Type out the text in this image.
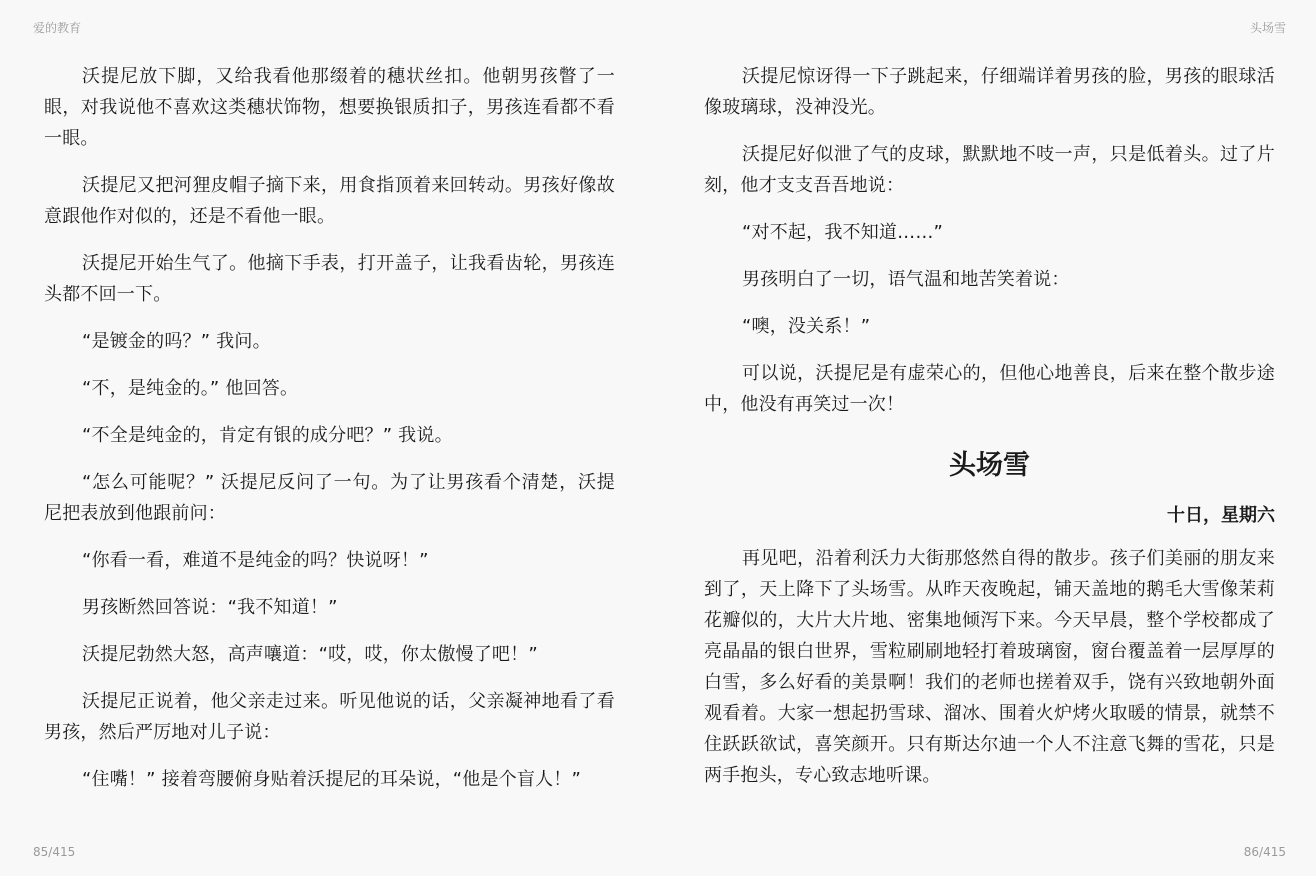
爱的教育	头场雪

沃提尼放下脚，又给我看他那缀着的穗状丝扣。他朝男孩瞥了一眼，对我说他不喜欢这类穗状饰物，想要换银质扣子，男孩连看都不看一眼。

沃提尼又把河狸皮帽子摘下来，用食指顶着来回转动。男孩好像故意跟他作对似的，还是不看他一眼。

沃提尼开始生气了。他摘下手表，打开盖子，让我看齿轮，男孩连头都不回一下。

“是镀金的吗？” 我问。

“不，是纯金的。” 他回答。

“不全是纯金的，肯定有银的成分吧？” 我说。

“怎么可能呢？” 沃提尼反问了一句。为了让男孩看个清楚，沃提尼把表放到他跟前问：

“你看一看，难道不是纯金的吗？快说呀！”

男孩断然回答说：“我不知道！”

沃提尼勃然大怒，高声嚷道：“哎，哎，你太傲慢了吧！”

沃提尼正说着，他父亲走过来。听见他说的话，父亲凝神地看了看男孩，然后严厉地对儿子说：

“住嘴！” 接着弯腰俯身贴着沃提尼的耳朵说，“他是个盲人！”

沃提尼惊讶得一下子跳起来，仔细端详着男孩的脸，男孩的眼球活像玻璃球，没神没光。

沃提尼好似泄了气的皮球，默默地不吱一声，只是低着头。过了片刻，他才支支吾吾地说：

“对不起，我不知道……”

男孩明白了一切，语气温和地苦笑着说：

“噢，没关系！”

可以说，沃提尼是有虚荣心的，但他心地善良，后来在整个散步途中，他没有再笑过一次！

头场雪
十日，星期六

再见吧，沿着利沃力大街那悠然自得的散步。孩子们美丽的朋友来到了，天上降下了头场雪。从昨天夜晚起，铺天盖地的鹅毛大雪像茉莉花瓣似的，大片大片地、密集地倾泻下来。今天早晨，整个学校都成了亮晶晶的银白世界，雪粒刷刷地轻打着玻璃窗，窗台覆盖着一层厚厚的白雪，多么好看的美景啊！我们的老师也搓着双手，饶有兴致地朝外面观看着。大家一想起扔雪球、溜冰、围着火炉烤火取暖的情景，就禁不住跃跃欲试，喜笑颜开。只有斯达尔迪一个人不注意飞舞的雪花，只是两手抱头，专心致志地听课。

85/415	86/415
